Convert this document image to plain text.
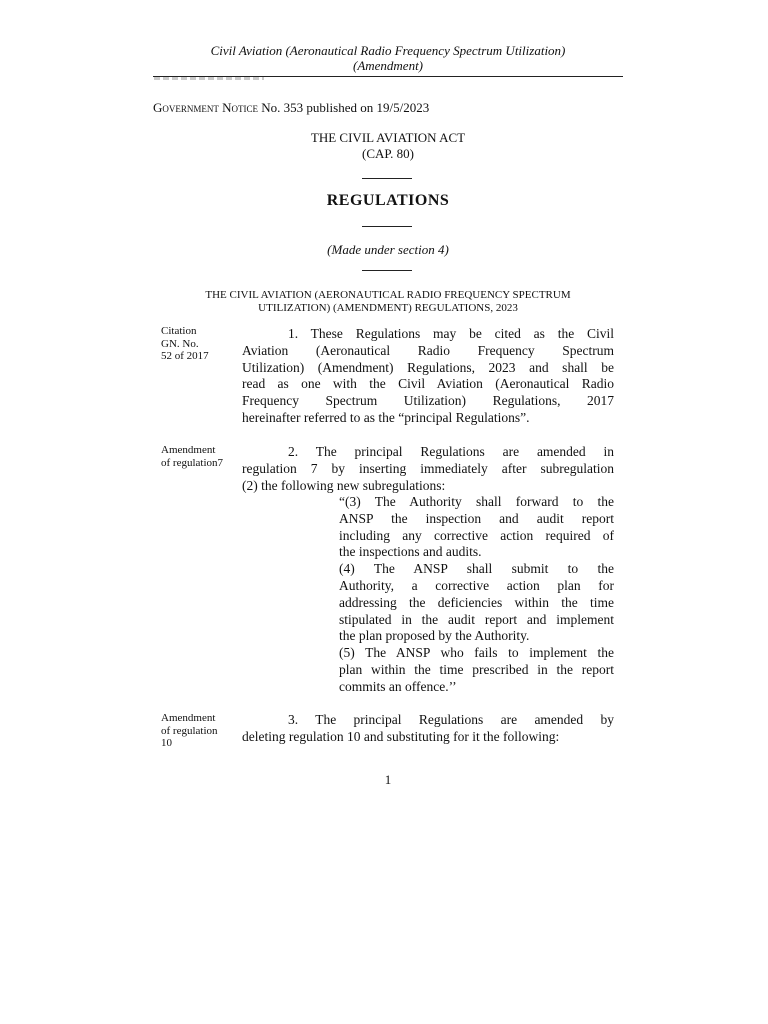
Civil Aviation (Aeronautical Radio Frequency Spectrum Utilization)
(Amendment)
Government Notice No. 353 published on 19/5/2023
THE CIVIL AVIATION ACT
(CAP. 80)
REGULATIONS
(Made under section 4)
THE CIVIL AVIATION (AERONAUTICAL RADIO FREQUENCY SPECTRUM
UTILIZATION) (AMENDMENT) REGULATIONS, 2023
Citation
GN. No.
52 of 2017
1. These Regulations may be cited as the Civil
Aviation (Aeronautical Radio Frequency Spectrum
Utilization) (Amendment) Regulations, 2023 and shall be
read as one with the Civil Aviation (Aeronautical Radio
Frequency Spectrum Utilization) Regulations, 2017
hereinafter referred to as the “principal Regulations”.
Amendment
of regulation7
2. The principal Regulations are amended in
regulation 7 by inserting immediately after subregulation
(2) the following new subregulations:
“(3) The Authority shall forward to the
ANSP the inspection and audit report
including any corrective action required of
the inspections and audits.
(4) The ANSP shall submit to the
Authority, a corrective action plan for
addressing the deficiencies within the time
stipulated in the audit report and implement
the plan proposed by the Authority.
(5) The ANSP who fails to implement the
plan within the time prescribed in the report
commits an offence.’’
Amendment
of regulation
10
3. The principal Regulations are amended by
deleting regulation 10 and substituting for it the following:
1
